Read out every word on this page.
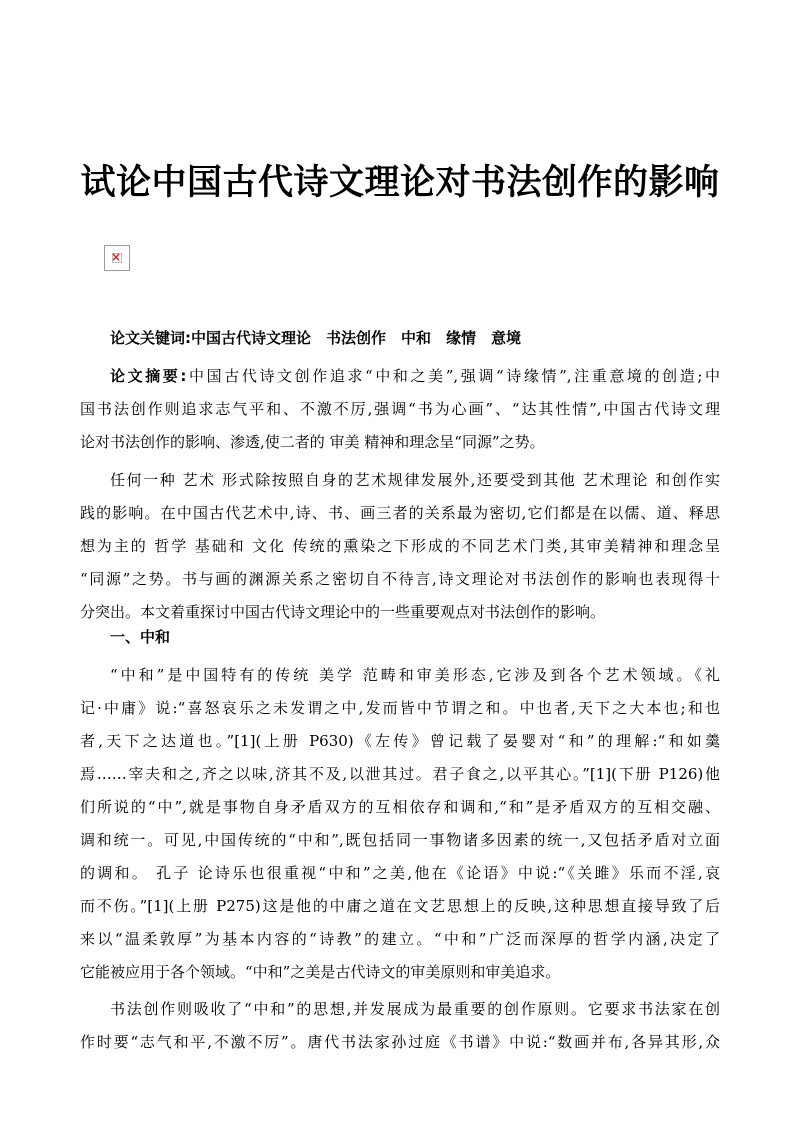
试论中国古代诗文理论对书法创作的影响
×
论文关键词:中国古代诗文理论　书法创作　中和　缘情　意境
论文摘要:中国古代诗文创作追求“中和之美”,强调“诗缘情”,注重意境的创造;中
国书法创作则追求志气平和、不激不厉,强调“书为心画”、“达其性情”,中国古代诗文理
论对书法创作的影响、渗透,使二者的 审美 精神和理念呈“同源”之势。
任何一种 艺术 形式除按照自身的艺术规律发展外,还要受到其他 艺术理论 和创作实
践的影响。在中国古代艺术中,诗、书、画三者的关系最为密切,它们都是在以儒、道、释思
想为主的 哲学 基础和 文化 传统的熏染之下形成的不同艺术门类,其审美精神和理念呈
“同源”之势。书与画的渊源关系之密切自不待言,诗文理论对书法创作的影响也表现得十
分突出。本文着重探讨中国古代诗文理论中的一些重要观点对书法创作的影响。
一、中和
“中和”是中国特有的传统 美学 范畴和审美形态,它涉及到各个艺术领域。《礼
记·中庸》说:“喜怒哀乐之未发谓之中,发而皆中节谓之和。中也者,天下之大本也;和也
者,天下之达道也。”[1](上册 P630)《左传》曾记载了晏婴对“和”的理解:“和如羹
焉……宰夫和之,齐之以味,济其不及,以泄其过。君子食之,以平其心。”[1](下册 P126)他
们所说的“中”,就是事物自身矛盾双方的互相依存和调和,“和”是矛盾双方的互相交融、
调和统一。可见,中国传统的“中和”,既包括同一事物诸多因素的统一,又包括矛盾对立面
的调和。 孔子 论诗乐也很重视“中和”之美,他在《论语》中说:“《关雎》乐而不淫,哀
而不伤。”[1](上册 P275)这是他的中庸之道在文艺思想上的反映,这种思想直接导致了后
来以“温柔敦厚”为基本内容的“诗教”的建立。“中和”广泛而深厚的哲学内涵,决定了
它能被应用于各个领域。“中和”之美是古代诗文的审美原则和审美追求。
书法创作则吸收了“中和”的思想,并发展成为最重要的创作原则。它要求书法家在创
作时要“志气和平,不激不厉”。唐代书法家孙过庭《书谱》中说:“数画并布,各异其形,众
